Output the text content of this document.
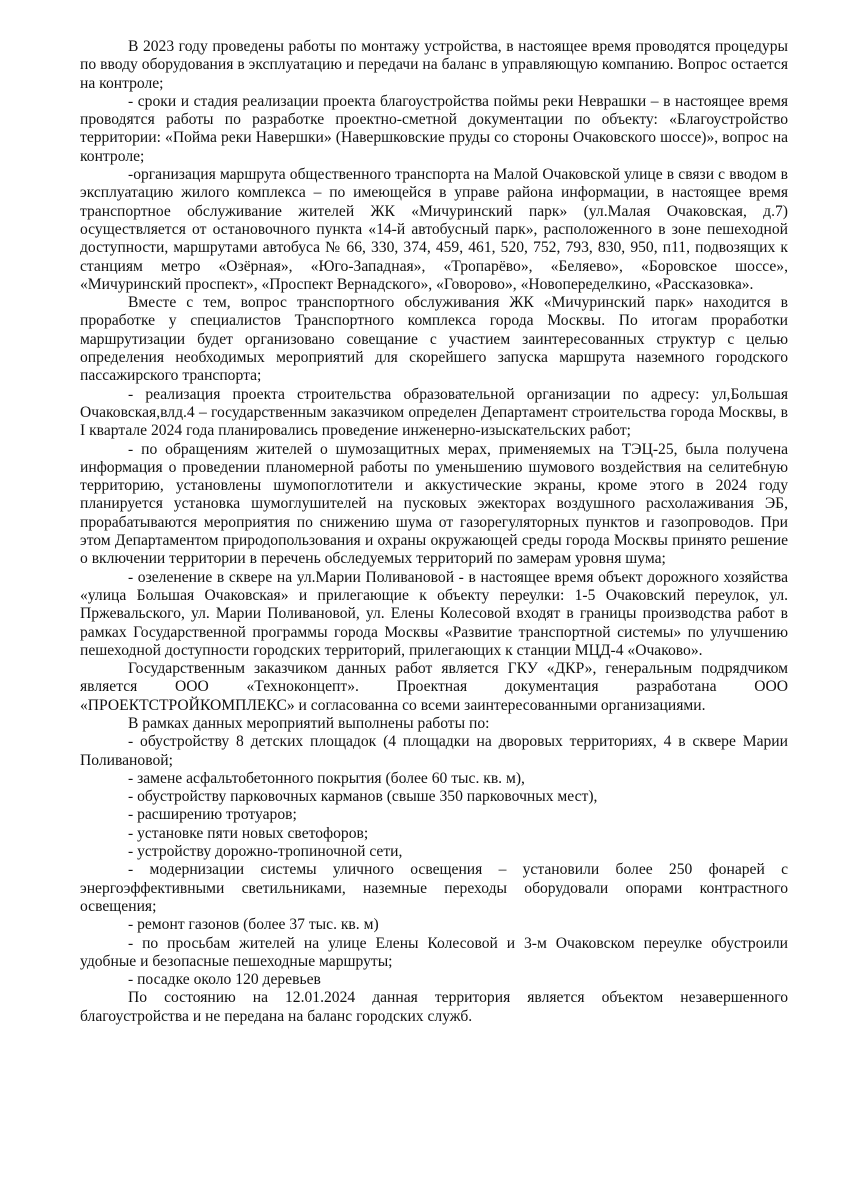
В 2023 году проведены работы по монтажу устройства, в настоящее время проводятся процедуры по вводу оборудования в эксплуатацию и передачи на баланс в управляющую компанию. Вопрос остается на контроле;

- сроки и стадия реализации проекта благоустройства поймы реки Неврашки – в настоящее время проводятся работы по разработке проектно-сметной документации по объекту: «Благоустройство территории: «Пойма реки Навершки» (Навершковские пруды со стороны Очаковского шоссе)», вопрос на контроле;

-организация маршрута общественного транспорта на Малой Очаковской улице в связи с вводом в эксплуатацию жилого комплекса – по имеющейся в управе района информации, в настоящее время транспортное обслуживание жителей ЖК «Мичуринский парк» (ул.Малая Очаковская, д.7) осуществляется от остановочного пункта «14-й автобусный парк», расположенного в зоне пешеходной доступности, маршрутами автобуса № 66, 330, 374, 459, 461, 520, 752, 793, 830, 950, п11, подвозящих к станциям метро «Озёрная», «Юго-Западная», «Тропарёво», «Беляево», «Боровское шоссе», «Мичуринский проспект», «Проспект Вернадского», «Говорово», «Новопеределкино, «Рассказовка».

Вместе с тем, вопрос транспортного обслуживания ЖК «Мичуринский парк» находится в проработке у специалистов Транспортного комплекса города Москвы. По итогам проработки маршрутизации будет организовано совещание с участием заинтересованных структур с целью определения необходимых мероприятий для скорейшего запуска маршрута наземного городского пассажирского транспорта;

- реализация проекта строительства образовательной организации по адресу: ул,Большая Очаковская,влд.4 – государственным заказчиком определен Департамент строительства города Москвы, в I квартале 2024 года планировались проведение инженерно-изыскательских работ;

- по обращениям жителей о шумозащитных мерах, применяемых на ТЭЦ-25, была получена информация о проведении планомерной работы по уменьшению шумового воздействия на селитебную территорию, установлены шумопоглотители и аккустические экраны, кроме этого в 2024 году планируется установка шумоглушителей на пусковых эжекторах воздушного расхолаживания ЭБ, прорабатываются мероприятия по снижению шума от газорегуляторных пунктов и газопроводов. При этом Департаментом природопользования и охраны окружающей среды города Москвы принято решение о включении территории в перечень обследуемых территорий по замерам уровня шума;

- озеленение в сквере на ул.Марии Поливановой - в настоящее время объект дорожного хозяйства «улица Большая Очаковская» и прилегающие к объекту переулки: 1-5 Очаковский переулок, ул. Пржевальского, ул. Марии Поливановой, ул. Елены Колесовой входят в границы производства работ в рамках Государственной программы города Москвы «Развитие транспортной системы» по улучшению пешеходной доступности городских территорий, прилегающих к станции МЦД-4 «Очаково».

Государственным заказчиком данных работ является ГКУ «ДКР», генеральным подрядчиком является ООО «Техноконцепт». Проектная документация разработана ООО «ПРОЕКТСТРОЙКОМПЛЕКС» и согласованна со всеми заинтересованными организациями.

В рамках данных мероприятий выполнены работы по:

- обустройству 8 детских площадок (4 площадки на дворовых территориях, 4 в сквере Марии Поливановой;

- замене асфальтобетонного покрытия (более 60 тыс. кв. м),

- обустройству парковочных карманов (свыше 350 парковочных мест),

- расширению тротуаров;

- установке пяти новых светофоров;

- устройству дорожно-тропиночной сети,

- модернизации системы уличного освещения – установили более 250 фонарей с энергоэффективными светильниками, наземные переходы оборудовали опорами контрастного освещения;

- ремонт газонов (более 37 тыс. кв. м)

- по просьбам жителей на улице Елены Колесовой и 3-м Очаковском переулке обустроили удобные и безопасные пешеходные маршруты;

- посадке около 120 деревьев

По состоянию на 12.01.2024 данная территория является объектом незавершенного благоустройства и не передана на баланс городских служб.
